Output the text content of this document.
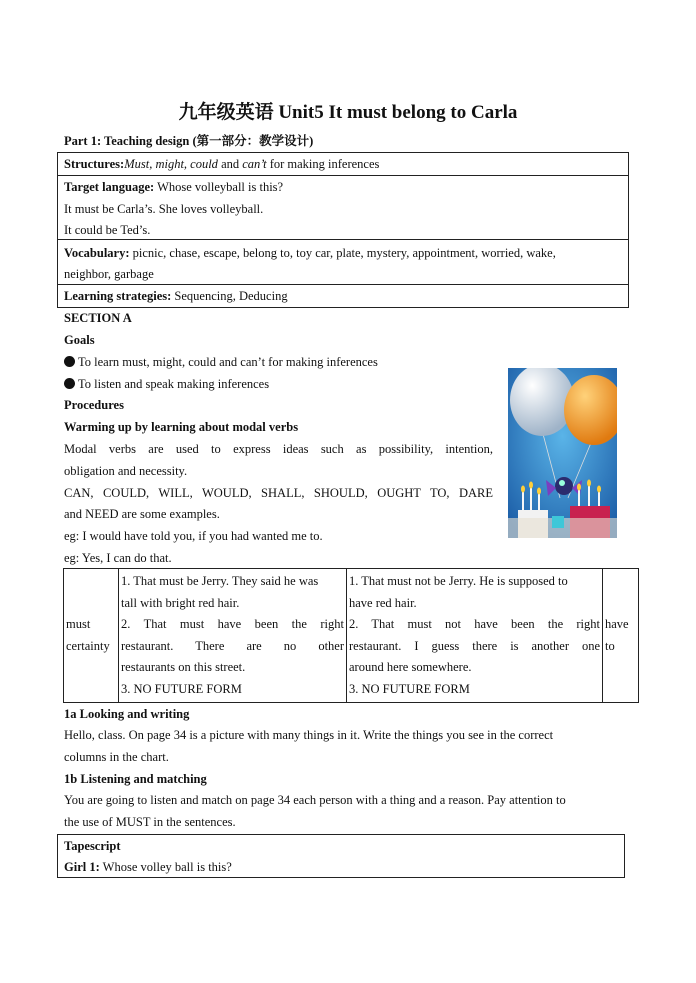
九年级英语 Unit5 It must belong to Carla
Part 1: Teaching design (第一部分：教学设计)
Structures:Must, might, could and can’t for making inferences
Target language: Whose volleyball is this?
It must be Carla’s. She loves volleyball.
It could be Ted’s.
Vocabulary: picnic, chase, escape, belong to, toy car, plate, mystery, appointment, worried, wake,
neighbor, garbage
Learning strategies: Sequencing, Deducing
SECTION A
Goals
To learn must, might, could and can’t for making inferences
To listen and speak making inferences
Procedures
Warming up by learning about modal verbs
Modal verbs are used to express ideas such as possibility, intention,
obligation and necessity.
CAN, COULD, WILL, WOULD, SHALL, SHOULD, OUGHT TO, DARE
and NEED are some examples.
eg: I would have told you, if you had wanted me to.
eg: Yes, I can do that.
must
certainty

1. That must be Jerry. They said he was
tall with bright red hair.
2. That must have been the right
restaurant. There are no other
restaurants on this street.
3. NO FUTURE FORM

1. That must not be Jerry. He is supposed to
have red hair.
2. That must not have been the right
restaurant. I guess there is another one
around here somewhere.
3. NO FUTURE FORM

have
to
1a Looking and writing
Hello, class. On page 34 is a picture with many things in it. Write the things you see in the correct
columns in the chart.
1b Listening and matching
You are going to listen and match on page 34 each person with a thing and a reason. Pay attention to
the use of MUST in the sentences.
Tapescript
Girl 1: Whose volley ball is this?
